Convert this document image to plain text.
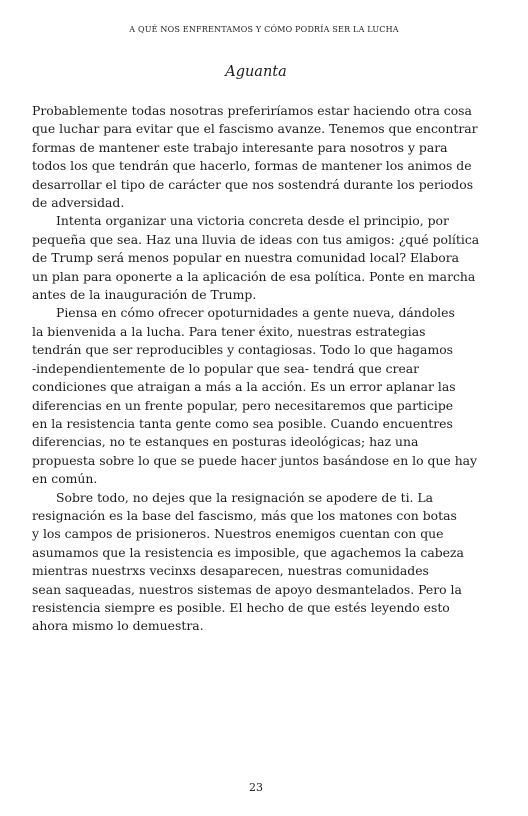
A QUÉ NOS ENFRENTAMOS Y CÓMO PODRÍA SER LA LUCHA
Aguanta
Probablemente todas nosotras preferiríamos estar haciendo otra cosa
que luchar para evitar que el fascismo avanze. Tenemos que encontrar
formas de mantener este trabajo interesante para nosotros y para
todos los que tendrán que hacerlo, formas de mantener los animos de
desarrollar el tipo de carácter que nos sostendrá durante los periodos
de adversidad.
Intenta organizar una victoria concreta desde el principio, por
pequeña que sea. Haz una lluvia de ideas con tus amigos: ¿qué política
de Trump será menos popular en nuestra comunidad local? Elabora
un plan para oponerte a la aplicación de esa política. Ponte en marcha
antes de la inauguración de Trump.
Piensa en cómo ofrecer opoturnidades a gente nueva, dándoles
la bienvenida a la lucha. Para tener éxito, nuestras estrategias
tendrán que ser reproducibles y contagiosas. Todo lo que hagamos
-independientemente de lo popular que sea- tendrá que crear
condiciones que atraigan a más a la acción. Es un error aplanar las
diferencias en un frente popular, pero necesitaremos que participe
en la resistencia tanta gente como sea posible. Cuando encuentres
diferencias, no te estanques en posturas ideológicas; haz una
propuesta sobre lo que se puede hacer juntos basándose en lo que hay
en común.
Sobre todo, no dejes que la resignación se apodere de ti. La
resignación es la base del fascismo, más que los matones con botas
y los campos de prisioneros. Nuestros enemigos cuentan con que
asumamos que la resistencia es imposible, que agachemos la cabeza
mientras nuestrxs vecinxs desaparecen, nuestras comunidades
sean saqueadas, nuestros sistemas de apoyo desmantelados. Pero la
resistencia siempre es posible. El hecho de que estés leyendo esto
ahora mismo lo demuestra.
23
